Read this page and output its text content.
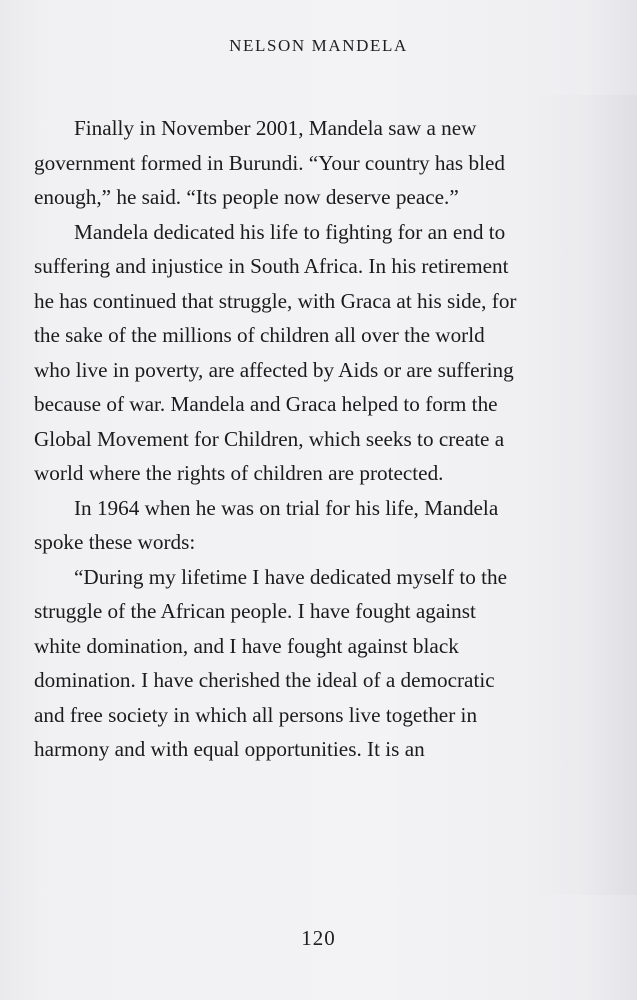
NELSON MANDELA

Finally in November 2001, Mandela saw a new government formed in Burundi. “Your country has bled enough,” he said. “Its people now deserve peace.”

Mandela dedicated his life to fighting for an end to suffering and injustice in South Africa. In his retirement he has continued that struggle, with Graca at his side, for the sake of the millions of children all over the world who live in poverty, are affected by Aids or are suffering because of war. Mandela and Graca helped to form the Global Movement for Children, which seeks to create a world where the rights of children are protected.

In 1964 when he was on trial for his life, Mandela spoke these words:

“During my lifetime I have dedicated myself to the struggle of the African people. I have fought against white domination, and I have fought against black domination. I have cherished the ideal of a democratic and free society in which all persons live together in harmony and with equal opportunities. It is an

120
